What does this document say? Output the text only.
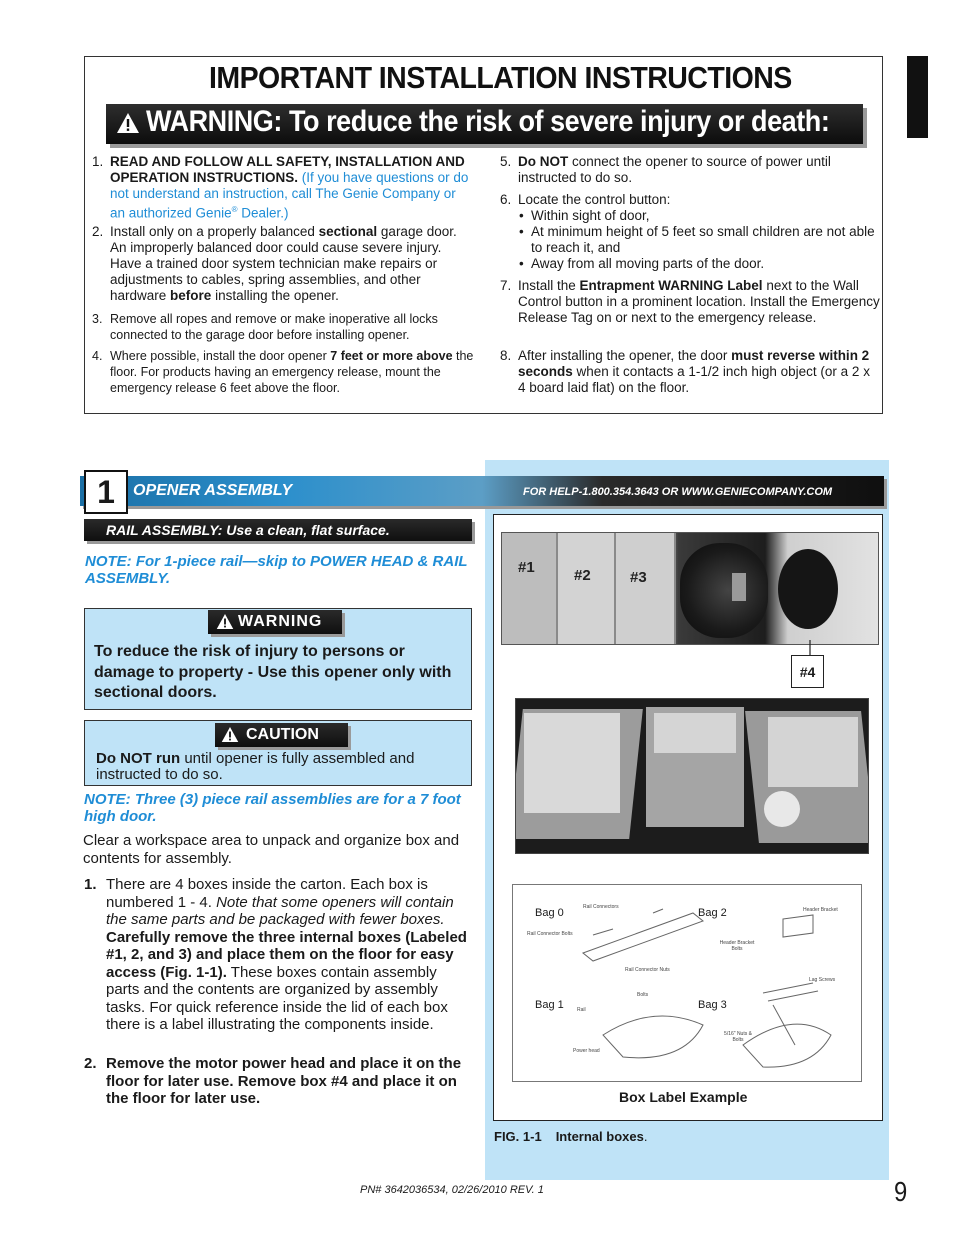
IMPORTANT INSTALLATION INSTRUCTIONS
WARNING: To reduce the risk of severe injury or death:
1. READ AND FOLLOW ALL SAFETY, INSTALLATION AND OPERATION INSTRUCTIONS. (If you have questions or do not understand an instruction, call The Genie Company or an authorized Genie® Dealer.)
2. Install only on a properly balanced sectional garage door. An improperly balanced door could cause severe injury. Have a trained door system technician make repairs or adjustments to cables, spring assemblies, and other hardware before installing the opener.
3. Remove all ropes and remove or make inoperative all locks connected to the garage door before installing opener.
4. Where possible, install the door opener 7 feet or more above the floor. For products having an emergency release, mount the emergency release 6 feet above the floor.
5. Do NOT connect the opener to source of power until instructed to do so.
6. Locate the control button:
• Within sight of door,
• At minimum height of 5 feet so small children are not able to reach it, and
• Away from all moving parts of the door.
7. Install the Entrapment WARNING Label next to the Wall Control button in a prominent location. Install the Emergency Release Tag on or next to the emergency release.
8. After installing the opener, the door must reverse within 2 seconds when it contacts a 1-1/2 inch high object (or a 2 x 4 board laid flat) on the floor.
1	OPENER ASSEMBLY	FOR HELP-1.800.354.3643 OR WWW.GENIECOMPANY.COM
RAIL ASSEMBLY: Use a clean, flat surface.
NOTE: For 1-piece rail—skip to POWER HEAD & RAIL ASSEMBLY.
WARNING
To reduce the risk of injury to persons or damage to property - Use this opener only with sectional doors.
CAUTION
Do NOT run until opener is fully assembled and instructed to do so.
NOTE: Three (3) piece rail assemblies are for a 7 foot high door.
Clear a workspace area to unpack and organize box and contents for assembly.
1. There are 4 boxes inside the carton. Each box is numbered 1 - 4. Note that some openers will contain the same parts and be packaged with fewer boxes. Carefully remove the three internal boxes (Labeled #1, 2, and 3) and place them on the floor for easy access (Fig. 1-1). These boxes contain assembly parts and the contents are organized by assembly tasks. For quick reference inside the lid of each box there is a label illustrating the components inside.
2. Remove the motor power head and place it on the floor for later use. Remove box #4 and place it on the floor for later use.
#1	#2	#3
#4
Bag 0	Bag 2
Bag 1	Bag 3
Rail Connectors
Rail Connector Bolts
Rail Connector Nuts
Header Bracket
Header Bracket Bolts
Lag Screws
Bolts
Rail
Power head
5/16" Nuts & Bolts
Box Label Example
FIG. 1-1 Internal boxes.
PN# 3642036534, 02/26/2010 REV. 1	9
